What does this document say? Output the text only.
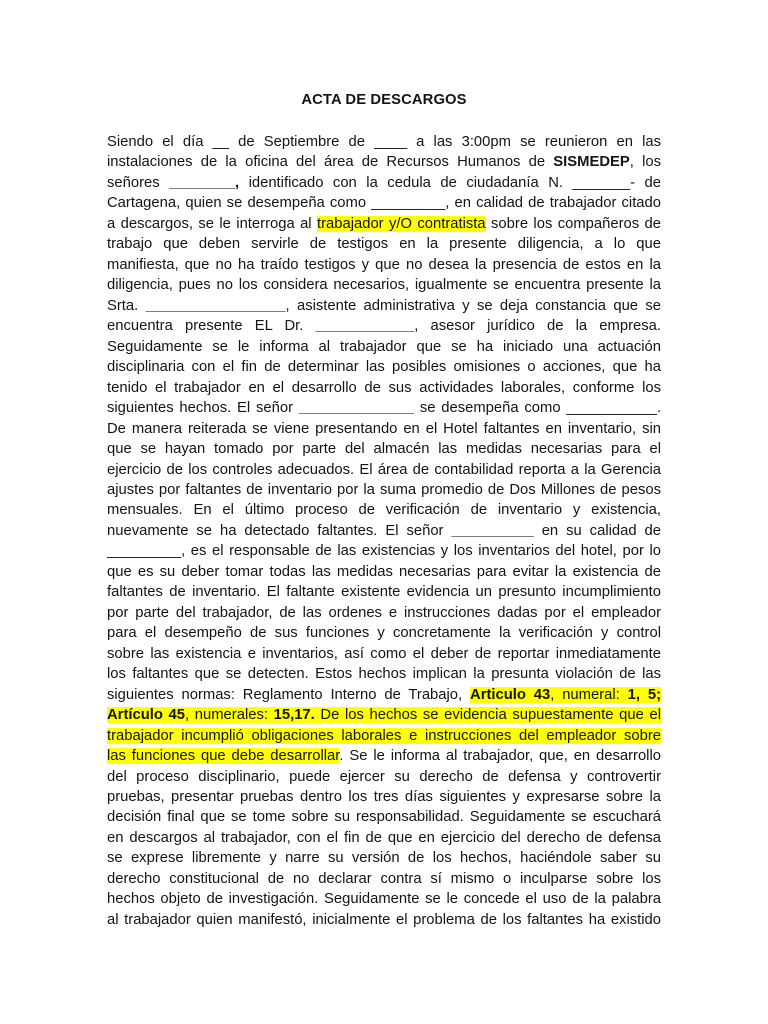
ACTA DE DESCARGOS
Siendo el día __ de Septiembre de ____ a las 3:00pm se reunieron en las
instalaciones de la oficina del área de Recursos Humanos de SISMEDEP, los
señores ________, identificado con la cedula de ciudadanía N. _______- de
Cartagena, quien se desempeña como _________, en calidad de trabajador citado
a descargos, se le interroga al trabajador y/O contratista sobre los compañeros de
trabajo que deben servirle de testigos en la presente diligencia, a lo que
manifiesta, que no ha traído testigos y que no desea la presencia de estos en la
diligencia, pues no los considera necesarios, igualmente se encuentra presente la
Srta. _________________, asistente administrativa y se deja constancia que se
encuentra presente EL Dr. ____________, asesor jurídico de la empresa.
Seguidamente se le informa al trabajador que se ha iniciado una actuación
disciplinaria con el fin de determinar las posibles omisiones o acciones, que ha
tenido el trabajador en el desarrollo de sus actividades laborales, conforme los
siguientes hechos. El señor ______________ se desempeña como ___________.
De manera reiterada se viene presentando en el Hotel faltantes en inventario, sin
que se hayan tomado por parte del almacén las medidas necesarias para el
ejercicio de los controles adecuados. El área de contabilidad reporta a la Gerencia
ajustes por faltantes de inventario por la suma promedio de Dos Millones de pesos
mensuales. En el último proceso de verificación de inventario y existencia,
nuevamente se ha detectado faltantes. El señor __________ en su calidad de
_________, es el responsable de las existencias y los inventarios del hotel, por lo
que es su deber tomar todas las medidas necesarias para evitar la existencia de
faltantes de inventario. El faltante existente evidencia un presunto incumplimiento
por parte del trabajador, de las ordenes e instrucciones dadas por el empleador
para el desempeño de sus funciones y concretamente la verificación y control
sobre las existencia e inventarios, así como el deber de reportar inmediatamente
los faltantes que se detecten. Estos hechos implican la presunta violación de las
siguientes normas: Reglamento Interno de Trabajo, Articulo 43, numeral: 1, 5;
Artículo 45, numerales: 15,17. De los hechos se evidencia supuestamente que el
trabajador incumplió obligaciones laborales e instrucciones del empleador sobre
las funciones que debe desarrollar. Se le informa al trabajador, que, en desarrollo
del proceso disciplinario, puede ejercer su derecho de defensa y controvertir
pruebas, presentar pruebas dentro los tres días siguientes y expresarse sobre la
decisión final que se tome sobre su responsabilidad. Seguidamente se escuchará
en descargos al trabajador, con el fin de que en ejercicio del derecho de defensa
se exprese libremente y narre su versión de los hechos, haciéndole saber su
derecho constitucional de no declarar contra sí mismo o inculparse sobre los
hechos objeto de investigación. Seguidamente se le concede el uso de la palabra
al trabajador quien manifestó, inicialmente el problema de los faltantes ha existido
